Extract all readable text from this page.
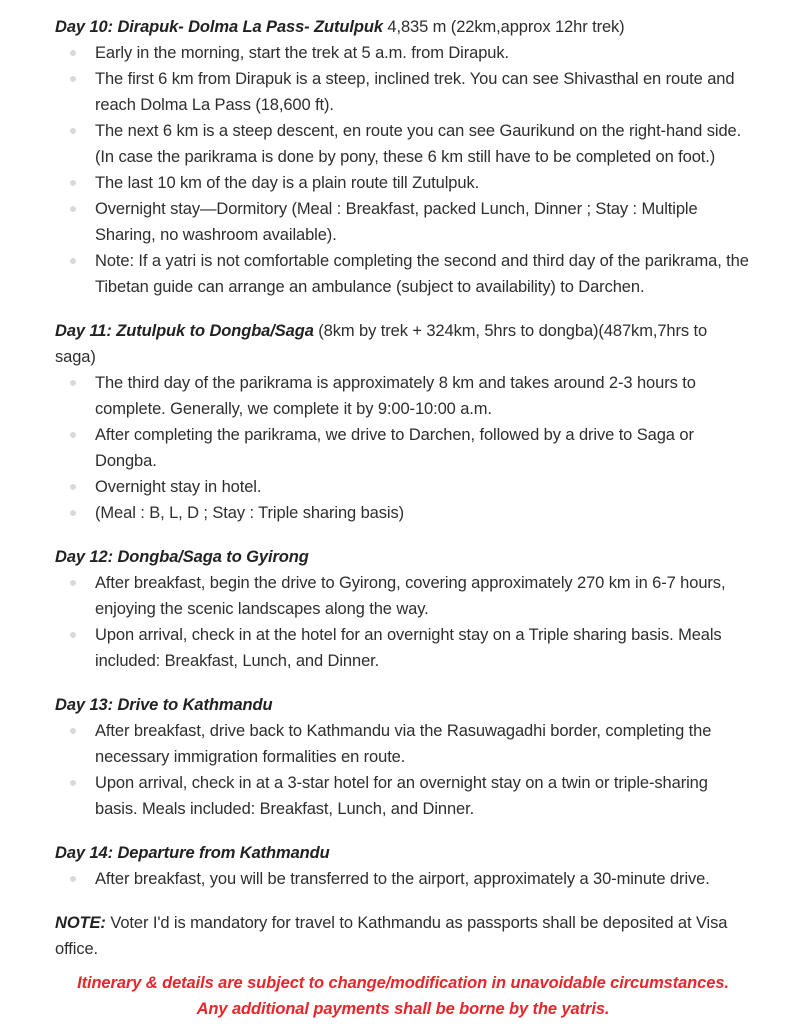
Day 10: Dirapuk- Dolma La Pass- Zutulpuk 4,835 m (22km,approx 12hr trek)
Early in the morning, start the trek at 5 a.m. from Dirapuk.
The first 6 km from Dirapuk is a steep, inclined trek. You can see Shivasthal en route and reach Dolma La Pass (18,600 ft).
The next 6 km is a steep descent, en route you can see Gaurikund on the right-hand side. (In case the parikrama is done by pony, these 6 km still have to be completed on foot.)
The last 10 km of the day is a plain route till Zutulpuk.
Overnight stay—Dormitory (Meal : Breakfast, packed Lunch, Dinner ; Stay : Multiple Sharing, no washroom available).
Note: If a yatri is not comfortable completing the second and third day of the parikrama, the Tibetan guide can arrange an ambulance (subject to availability) to Darchen.
Day 11: Zutulpuk to Dongba/Saga (8km by trek + 324km, 5hrs to dongba)(487km,7hrs to saga)
The third day of the parikrama is approximately 8 km and takes around 2-3 hours to complete. Generally, we complete it by 9:00-10:00 a.m.
After completing the parikrama, we drive to Darchen, followed by a drive to Saga or Dongba.
Overnight stay in hotel.
(Meal : B, L, D ; Stay : Triple sharing basis)
Day 12: Dongba/Saga to Gyirong
After breakfast, begin the drive to Gyirong, covering approximately 270 km in 6-7 hours, enjoying the scenic landscapes along the way.
Upon arrival, check in at the hotel for an overnight stay on a Triple sharing basis. Meals included: Breakfast, Lunch, and Dinner.
Day 13: Drive to Kathmandu
After breakfast, drive back to Kathmandu via the Rasuwagadhi border, completing the necessary immigration formalities en route.
Upon arrival, check in at a 3-star hotel for an overnight stay on a twin or triple-sharing basis. Meals included: Breakfast, Lunch, and Dinner.
Day 14: Departure from Kathmandu
After breakfast, you will be transferred to the airport, approximately a 30-minute drive.

NOTE: Voter I'd is mandatory for travel to Kathmandu as passports shall be deposited at Visa office.

Itinerary & details are subject to change/modification in unavoidable circumstances.

Any additional payments shall be borne by the yatris.
